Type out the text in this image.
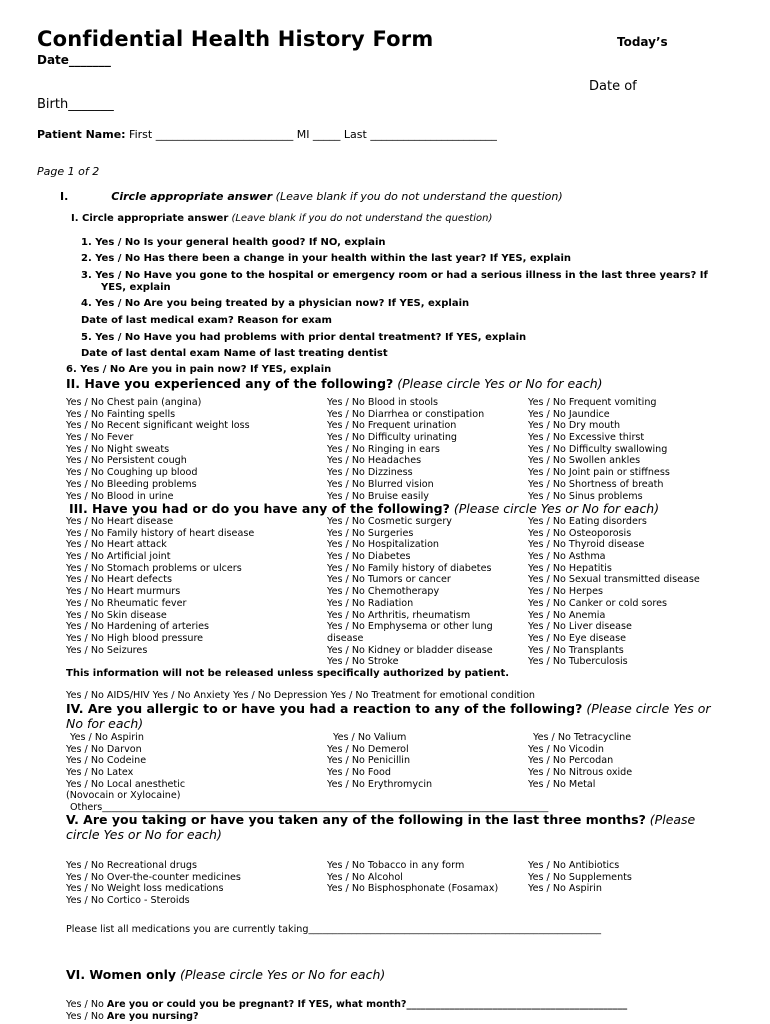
Confidential Health History Form	Today’s
Date_______
Date of
Birth_______
Patient Name: First _________________________ MI _____ Last _______________________
Page 1 of 2
I.	Circle appropriate answer (Leave blank if you do not understand the question)
I. Circle appropriate answer (Leave blank if you do not understand the question)
1. Yes / No Is your general health good? If NO, explain
2. Yes / No Has there been a change in your health within the last year? If YES, explain
3. Yes / No Have you gone to the hospital or emergency room or had a serious illness in the last three years? If
YES, explain
4. Yes / No Are you being treated by a physician now? If YES, explain
Date of last medical exam? Reason for exam
5. Yes / No Have you had problems with prior dental treatment? If YES, explain
Date of last dental exam Name of last treating dentist
6. Yes / No Are you in pain now? If YES, explain
II. Have you experienced any of the following? (Please circle Yes or No for each)
Yes / No Chest pain (angina)
Yes / No Fainting spells
Yes / No Recent significant weight loss
Yes / No Fever
Yes / No Night sweats
Yes / No Persistent cough
Yes / No Coughing up blood
Yes / No Bleeding problems
Yes / No Blood in urine
Yes / No Blood in stools
Yes / No Diarrhea or constipation
Yes / No Frequent urination
Yes / No Difficulty urinating
Yes / No Ringing in ears
Yes / No Headaches
Yes / No Dizziness
Yes / No Blurred vision
Yes / No Bruise easily
Yes / No Frequent vomiting
Yes / No Jaundice
Yes / No Dry mouth
Yes / No Excessive thirst
Yes / No Difficulty swallowing
Yes / No Swollen ankles
Yes / No Joint pain or stiffness
Yes / No Shortness of breath
Yes / No Sinus problems
III. Have you had or do you have any of the following? (Please circle Yes or No for each)
Yes / No Heart disease
Yes / No Family history of heart disease
Yes / No Heart attack
Yes / No Artificial joint
Yes / No Stomach problems or ulcers
Yes / No Heart defects
Yes / No Heart murmurs
Yes / No Rheumatic fever
Yes / No Skin disease
Yes / No Hardening of arteries
Yes / No High blood pressure
Yes / No Seizures
Yes / No Cosmetic surgery
Yes / No Surgeries
Yes / No Hospitalization
Yes / No Diabetes
Yes / No Family history of diabetes
Yes / No Tumors or cancer
Yes / No Chemotherapy
Yes / No Radiation
Yes / No Arthritis, rheumatism
Yes / No Emphysema or other lung
disease
Yes / No Kidney or bladder disease
Yes / No Stroke
Yes / No Eating disorders
Yes / No Osteoporosis
Yes / No Thyroid disease
Yes / No Asthma
Yes / No Hepatitis
Yes / No Sexual transmitted disease
Yes / No Herpes
Yes / No Canker or cold sores
Yes / No Anemia
Yes / No Liver disease
Yes / No Eye disease
Yes / No Transplants
Yes / No Tuberculosis
This information will not be released unless specifically authorized by patient.
Yes / No AIDS/HIV Yes / No Anxiety Yes / No Depression Yes / No Treatment for emotional condition
IV. Are you allergic to or have you had a reaction to any of the following? (Please circle Yes or No for each)
Yes / No Aspirin
Yes / No Darvon
Yes / No Codeine
Yes / No Latex
Yes / No Local anesthetic
(Novocain or Xylocaine)
Others_____________________________________________________________________________________________
Yes / No Valium
Yes / No Demerol
Yes / No Penicillin
Yes / No Food
Yes / No Erythromycin
Yes / No Tetracycline
Yes / No Vicodin
Yes / No Percodan
Yes / No Nitrous oxide
Yes / No Metal
V. Are you taking or have you taken any of the following in the last three months? (Please circle Yes or No for each)
Yes / No Recreational drugs
Yes / No Over-the-counter medicines
Yes / No Weight loss medications
Yes / No Cortico - Steroids
Yes / No Tobacco in any form
Yes / No Alcohol
Yes / No Bisphosphonate (Fosamax)
Yes / No Antibiotics
Yes / No Supplements
Yes / No Aspirin
Please list all medications you are currently taking_____________________________________________________________
VI. Women only (Please circle Yes or No for each)
Yes / No Are you or could you be pregnant? If YES, what month?______________________________________________
Yes / No Are you nursing?
